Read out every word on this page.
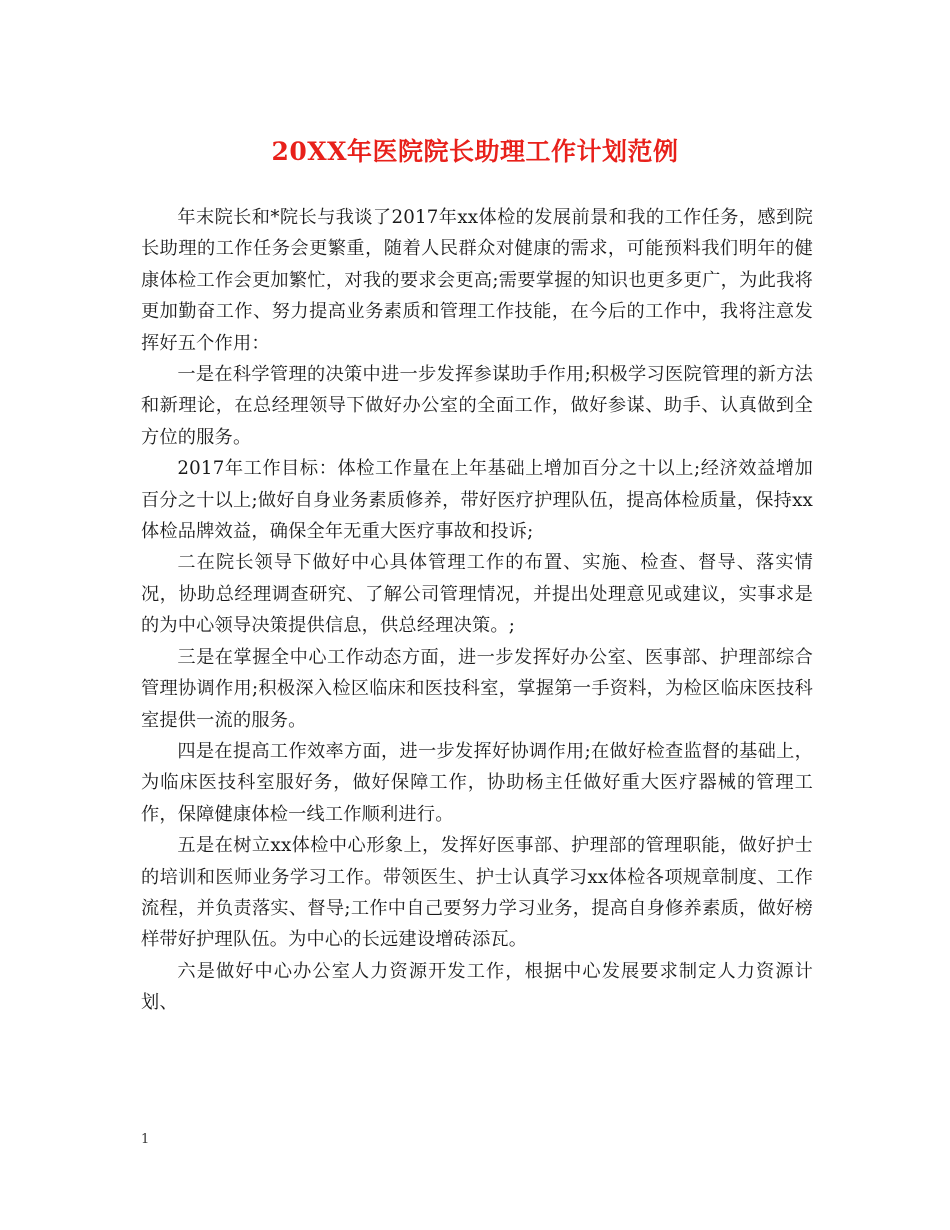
20XX年医院院长助理工作计划范例

年末院长和*院长与我谈了2017年xx体检的发展前景和我的工作任务，感到院长助理的工作任务会更繁重，随着人民群众对健康的需求，可能预料我们明年的健康体检工作会更加繁忙，对我的要求会更高;需要掌握的知识也更多更广，为此我将更加勤奋工作、努力提高业务素质和管理工作技能，在今后的工作中，我将注意发挥好五个作用：

一是在科学管理的决策中进一步发挥参谋助手作用;积极学习医院管理的新方法和新理论，在总经理领导下做好办公室的全面工作，做好参谋、助手、认真做到全方位的服务。

2017年工作目标：体检工作量在上年基础上增加百分之十以上;经济效益增加百分之十以上;做好自身业务素质修养，带好医疗护理队伍，提高体检质量，保持xx体检品牌效益，确保全年无重大医疗事故和投诉;

二在院长领导下做好中心具体管理工作的布置、实施、检查、督导、落实情况，协助总经理调查研究、了解公司管理情况，并提出处理意见或建议，实事求是的为中心领导决策提供信息，供总经理决策。;

三是在掌握全中心工作动态方面，进一步发挥好办公室、医事部、护理部综合管理协调作用;积极深入检区临床和医技科室，掌握第一手资料，为检区临床医技科室提供一流的服务。

四是在提高工作效率方面，进一步发挥好协调作用;在做好检查监督的基础上，为临床医技科室服好务，做好保障工作，协助杨主任做好重大医疗器械的管理工作，保障健康体检一线工作顺利进行。

五是在树立xx体检中心形象上，发挥好医事部、护理部的管理职能，做好护士的培训和医师业务学习工作。带领医生、护士认真学习xx体检各项规章制度、工作流程，并负责落实、督导;工作中自己要努力学习业务，提高自身修养素质，做好榜样带好护理队伍。为中心的长远建设增砖添瓦。

六是做好中心办公室人力资源开发工作，根据中心发展要求制定人力资源计划、

1
